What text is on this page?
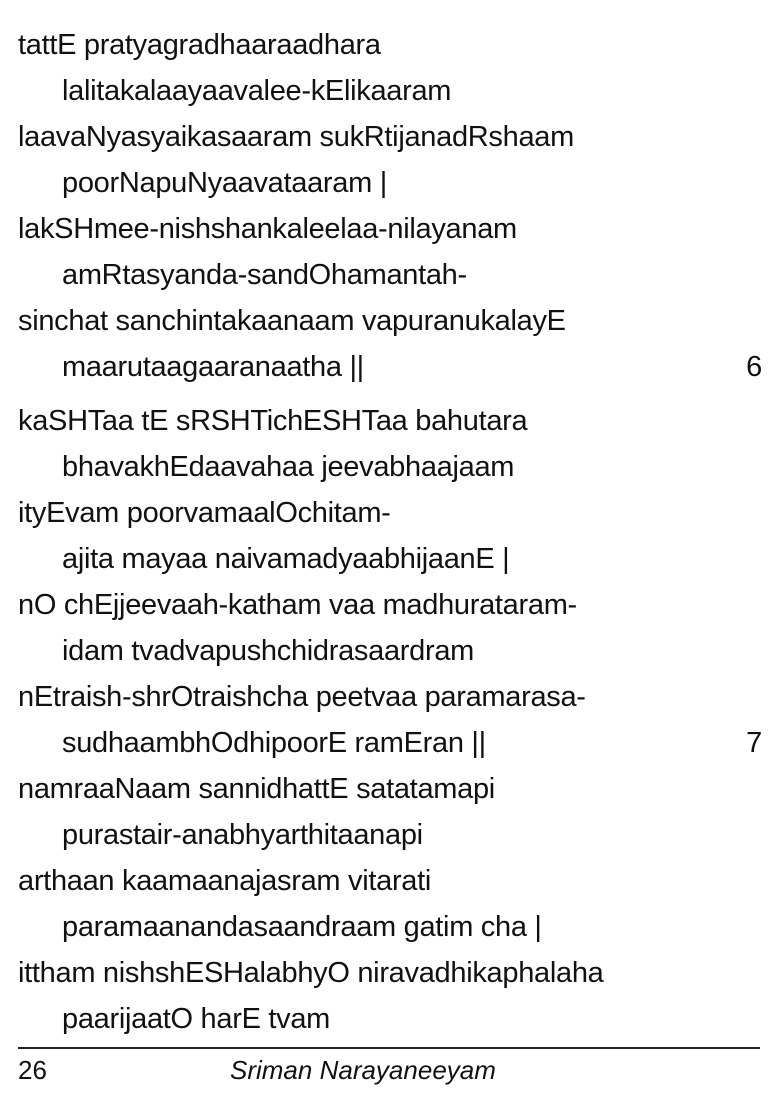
tattE pratyagradhaaraadhara
lalitakalaayaavalee-kElikaaram
laavaNyasyaikasaaram sukRtijanadRshaam
poorNapuNyaavataaram |
lakSHmee-nishshankaleelaa-nilayanam
amRtasyanda-sandOhamantah-
sinchat sanchintakaanaam vapuranukalayE
maarutaagaaranaatha ||	6
kaSHTaa tE sRSHTichESHTaa bahutara
bhavakhEdaavahaa jeevabhaajaam
ityEvam poorvamaalOchitam-
ajita mayaa naivamadyaabhijaanE |
nO chEjjeevaah-katham vaa madhurataram-
idam tvadvapushchidrasaardram
nEtraish-shrOtraishcha peetvaa paramarasa-
sudhaambhOdhipoorE ramEran ||	7
namraaNaam sannidhattE satatamapi
purastair-anabhyarthitaanapi
arthaan kaamaanajasram vitarati
paramaanandasaandraam gatim cha |
ittham nishshESHalabhyO niravadhikaphalaha
paarijaatO harE tvam
26	Sriman Narayaneeyam
